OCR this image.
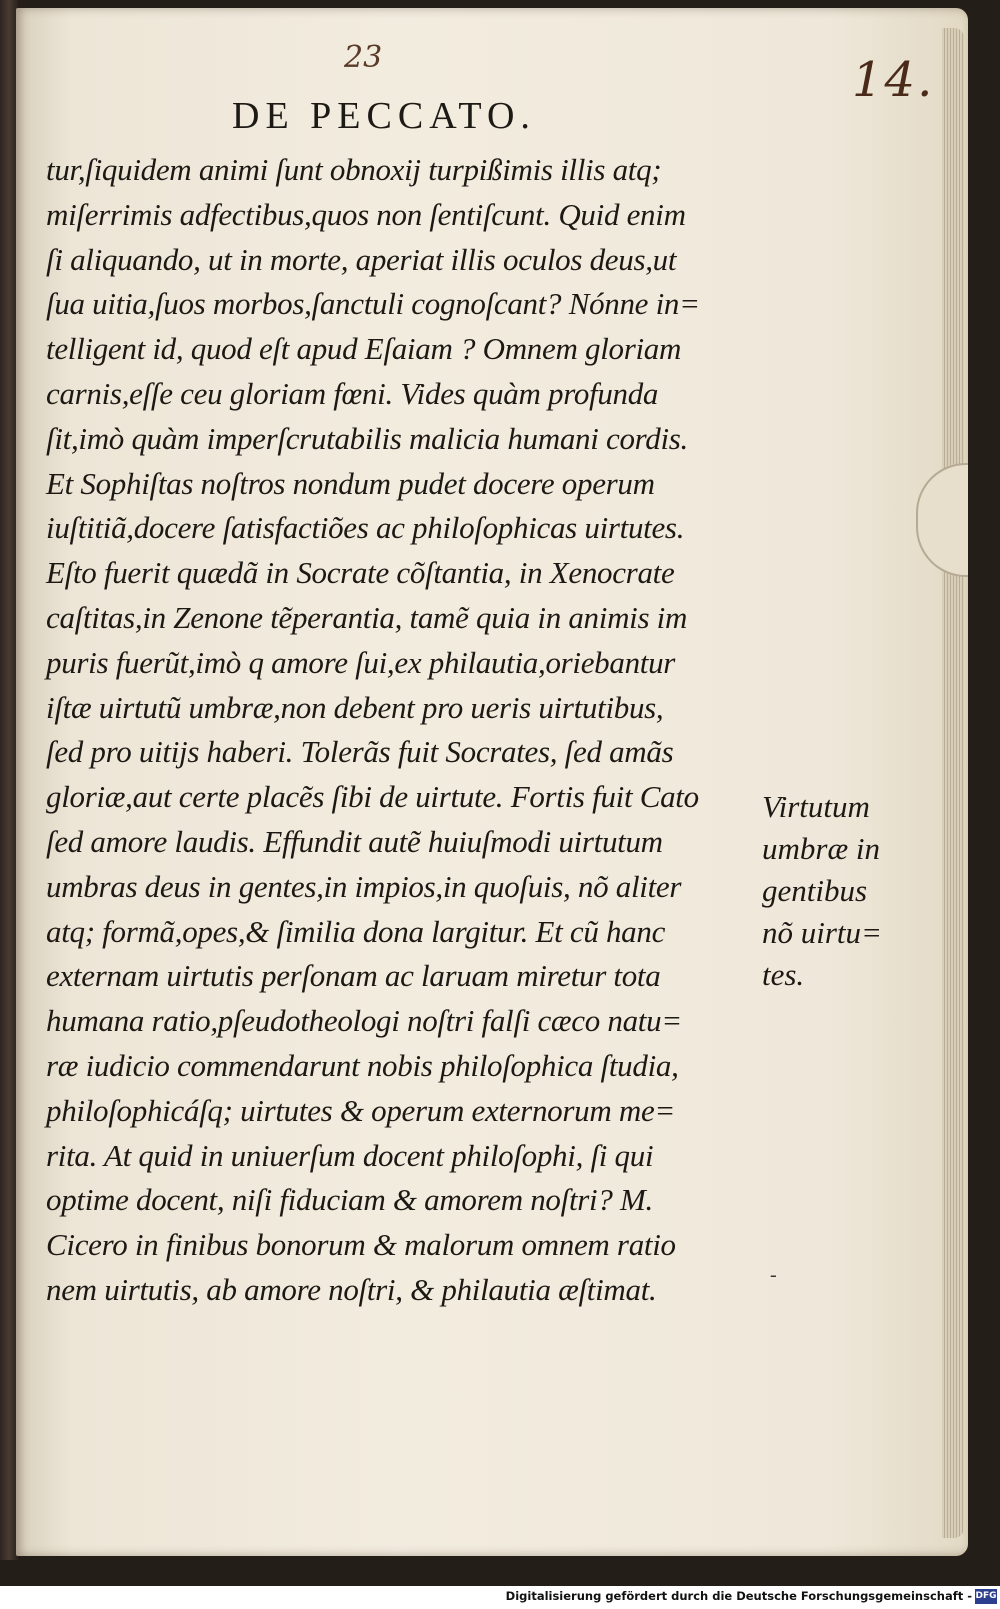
23	14.
DE PECCATO.
tur,ſiquidem animi ſunt obnoxij turpißimis illis atq;
miſerrimis adfectibus,quos non ſentiſcunt. Quid enim
ſi aliquando, ut in morte, aperiat illis oculos deus,ut
ſua uitia,ſuos morbos,ſanctuli cognoſcant? Nónne in=
telligent id, quod eſt apud Eſaiam ? Omnem gloriam
carnis,eſſe ceu gloriam fœni. Vides quàm profunda
ſit,imò quàm imperſcrutabilis malicia humani cordis.
Et Sophiſtas noſtros nondum pudet docere operum
iuſtitiã,docere ſatisfactiões ac philoſophicas uirtutes.
Eſto fuerit quædã in Socrate cõſtantia, in Xenocrate
caſtitas,in Zenone tẽperantia, tamẽ quia in animis im
puris fuerũt,imò q amore ſui,ex philautia,oriebantur
iſtæ uirtutũ umbræ,non debent pro ueris uirtutibus,
ſed pro uitijs haberi. Tolerãs fuit Socrates, ſed amãs
gloriæ,aut certe placẽs ſibi de uirtute. Fortis fuit Cato
ſed amore laudis. Effundit autẽ huiuſmodi uirtutum
umbras deus in gentes,in impios,in quoſuis, nõ aliter
atq; formã,opes,& ſimilia dona largitur. Et cũ hanc
externam uirtutis perſonam ac laruam miretur tota
humana ratio,pſeudotheologi noſtri falſi cæco natu=
ræ iudicio commendarunt nobis philoſophica ſtudia,
philoſophicáſq; uirtutes & operum externorum me=
rita. At quid in uniuerſum docent philoſophi, ſi qui
optime docent, niſi fiduciam & amorem noſtri? M.
Cicero in finibus bonorum & malorum omnem ratio
nem uirtutis, ab amore noſtri, & philautia æſtimat.
Virtutum
umbræ in
gentibus
nõ uirtu=
tes.
-
Digitalisierung gefördert durch die Deutsche Forschungsgemeinschaft - DFG
